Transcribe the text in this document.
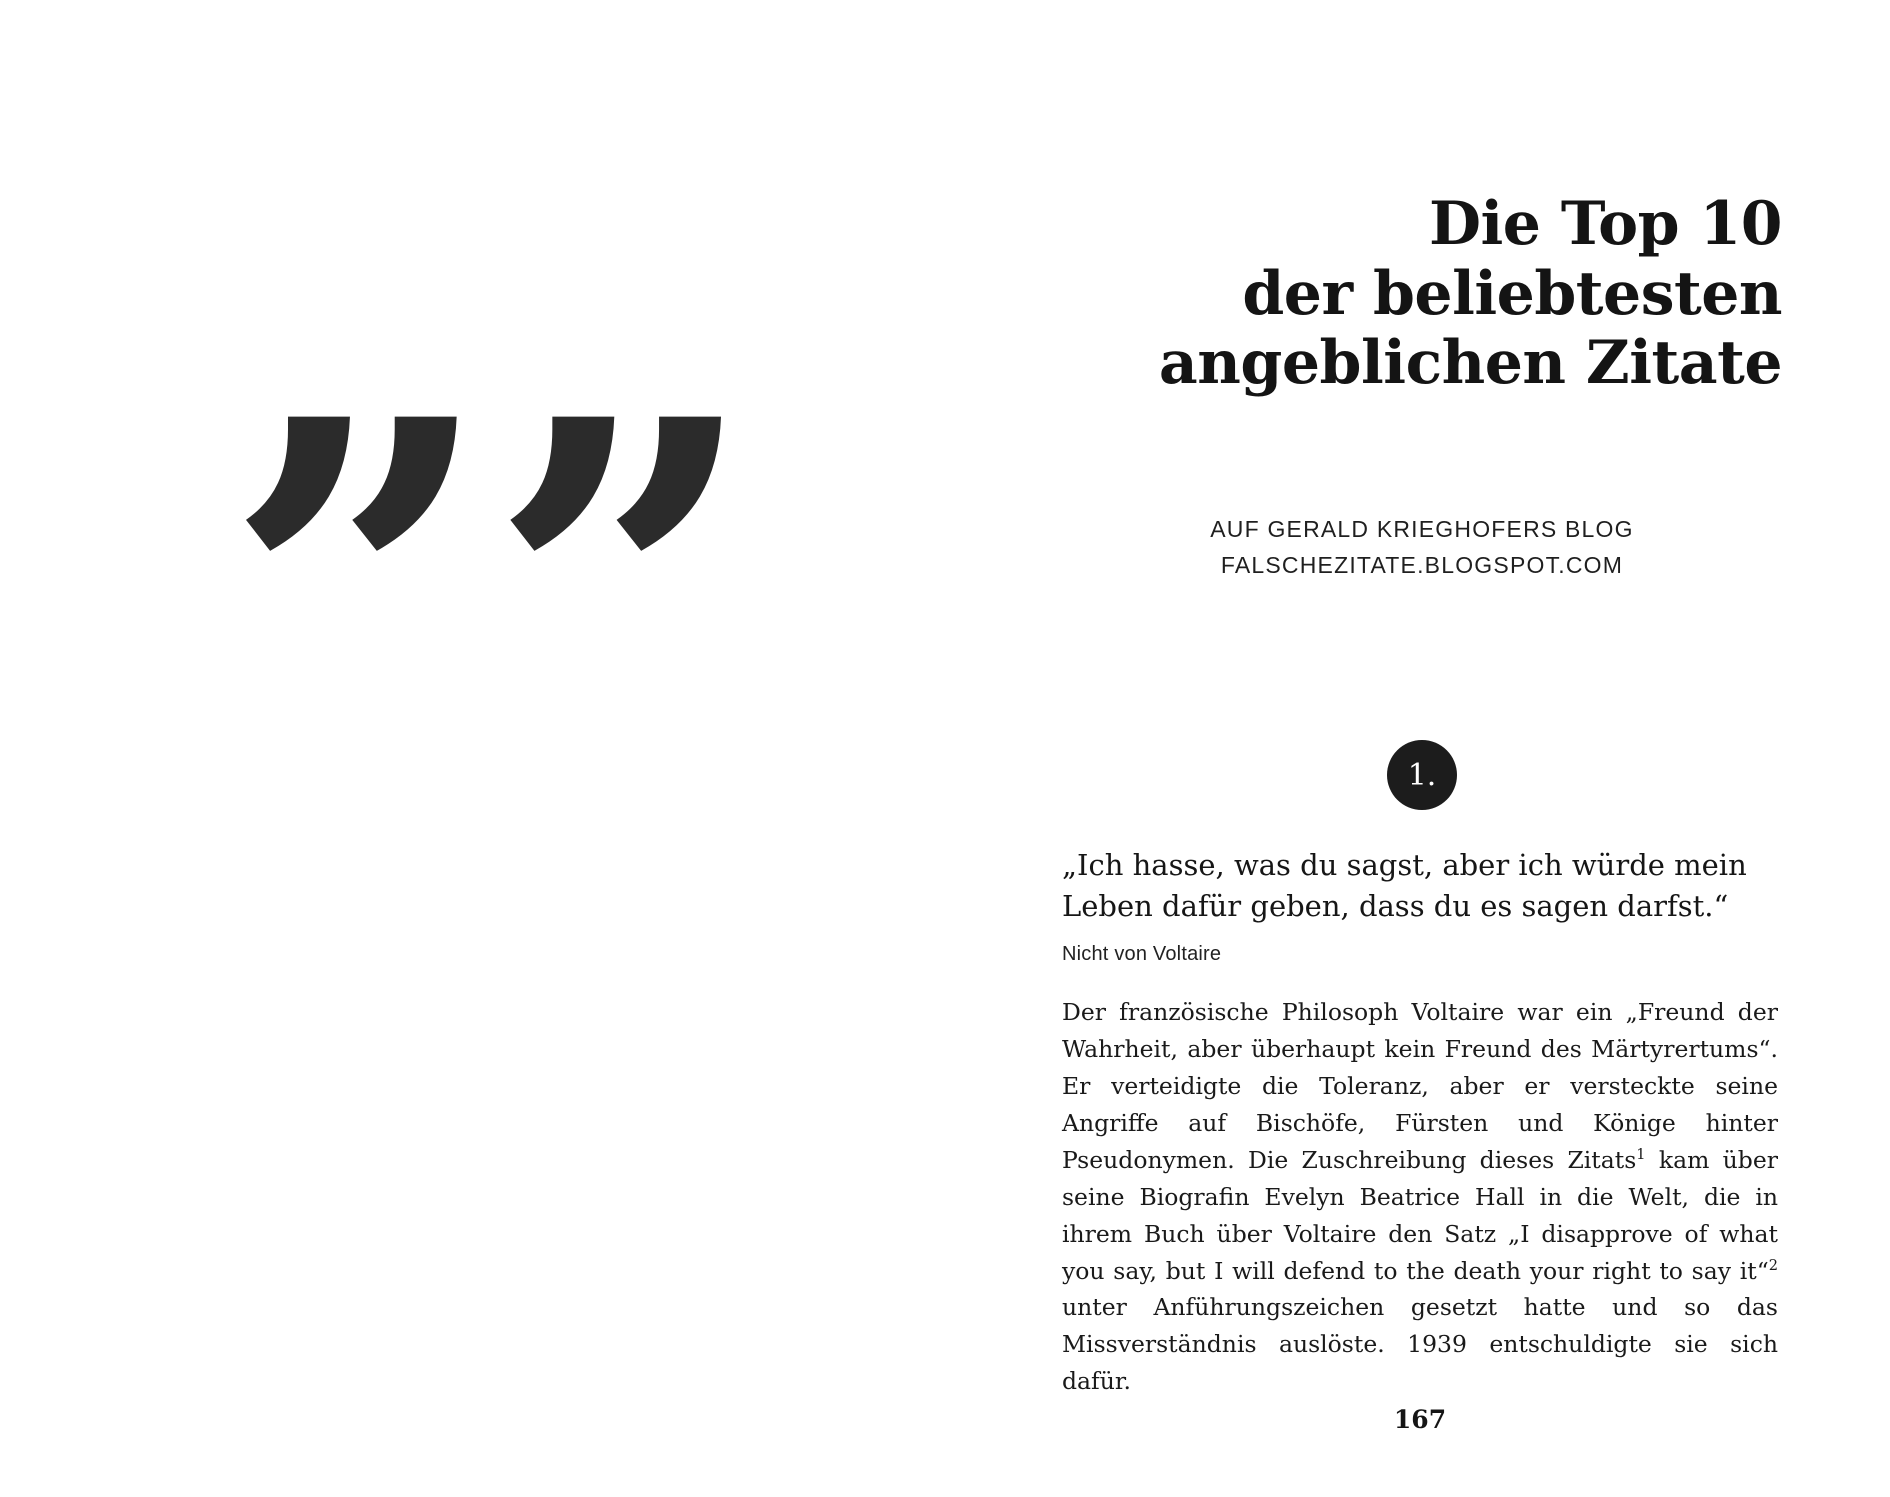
„„	Die Top 10
der beliebtesten
angeblichen Zitate
AUF GERALD KRIEGHOFERS BLOG
FALSCHEZITATE.BLOGSPOT.COM
1.

„Ich hasse, was du sagst, aber ich würde mein Leben dafür geben, dass du es sagen darfst.“

Nicht von Voltaire

Der französische Philosoph Voltaire war ein „Freund der Wahrheit, aber überhaupt kein Freund des Märtyrertums“. Er verteidigte die Toleranz, aber er versteckte seine Angriffe auf Bischöfe, Fürsten und Könige hinter Pseudonymen. Die Zuschreibung dieses Zitats$^1$ kam über seine Biografin Evelyn Beatrice Hall in die Welt, die in ihrem Buch über Voltaire den Satz „I disapprove of what you say, but I will defend to the death your right to say it“$^2$ unter Anführungszeichen gesetzt hatte und so das Missverständnis auslöste. 1939 entschuldigte sie sich dafür.

167
